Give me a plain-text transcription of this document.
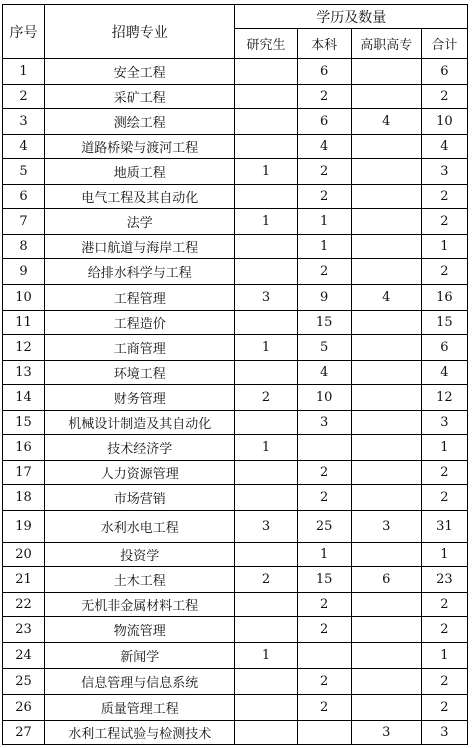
序号	招聘专业	学历及数量			
		研究生	本科	高职高专	合计
1	安全工程		6		6
2	采矿工程		2		2
3	测绘工程		6	4	10
4	道路桥梁与渡河工程		4		4
5	地质工程	1	2		3
6	电气工程及其自动化		2		2
7	法学	1	1		2
8	港口航道与海岸工程		1		1
9	给排水科学与工程		2		2
10	工程管理	3	9	4	16
11	工程造价		15		15
12	工商管理	1	5		6
13	环境工程		4		4
14	财务管理	2	10		12
15	机械设计制造及其自动化		3		3
16	技术经济学	1			1
17	人力资源管理		2		2
18	市场营销		2		2
19	水利水电工程	3	25	3	31
20	投资学		1		1
21	土木工程	2	15	6	23
22	无机非金属材料工程		2		2
23	物流管理		2		2
24	新闻学	1			1
25	信息管理与信息系统		2		2
26	质量管理工程		2		2
27	水利工程试验与检测技术			3	3
